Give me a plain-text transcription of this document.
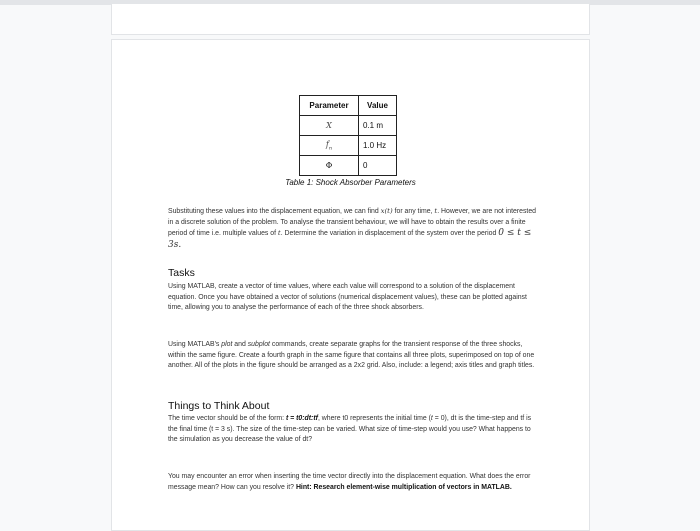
Parameter	Value
X	0.1 m
$f_n$	1.0 Hz
Φ	0
Table 1: Shock Absorber Parameters
Substituting these values into the displacement equation, we can find x(t) for any time, t. However, we are not interested in a discrete solution of the problem. To analyse the transient behaviour, we will have to obtain the results over a finite period of time i.e. multiple values of t. Determine the variation in displacement of the system over the period 0 ≤ t ≤ 3s.
Tasks
Using MATLAB, create a vector of time values, where each value will correspond to a solution of the displacement equation. Once you have obtained a vector of solutions (numerical displacement values), these can be plotted against time, allowing you to analyse the performance of each of the three shock absorbers.
Using MATLAB's plot and subplot commands, create separate graphs for the transient response of the three shocks, within the same figure. Create a fourth graph in the same figure that contains all three plots, superimposed on top of one another. All of the plots in the figure should be arranged as a 2x2 grid. Also, include: a legend; axis titles and graph titles.
Things to Think About
The time vector should be of the form: t = t0:dt:tf, where t0 represents the initial time (t = 0), dt is the time-step and tf is the final time (t = 3 s). The size of the time-step can be varied. What size of time-step would you use? What happens to the simulation as you decrease the value of dt?
You may encounter an error when inserting the time vector directly into the displacement equation. What does the error message mean? How can you resolve it? Hint: Research element-wise multiplication of vectors in MATLAB.
